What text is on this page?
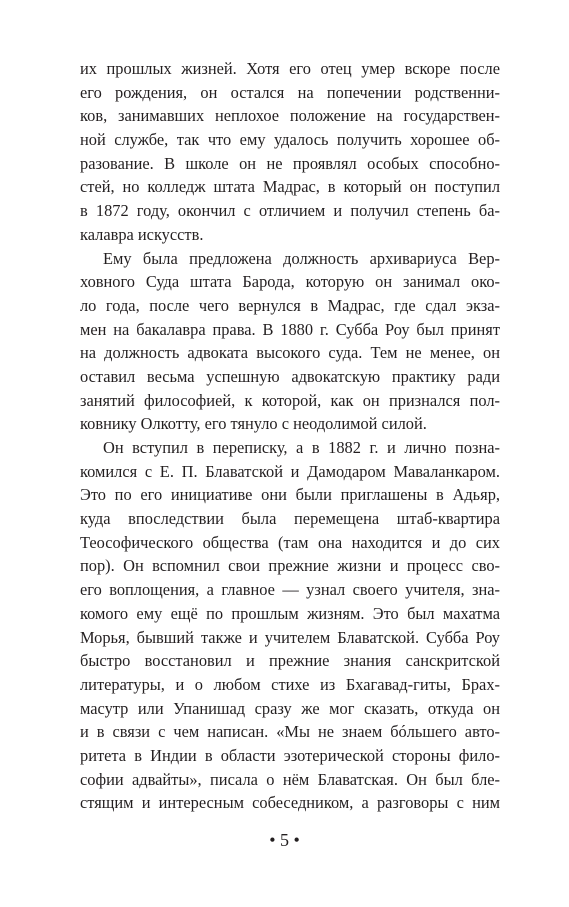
их прошлых жизней. Хотя его отец умер вскоре после
его рождения, он остался на попечении родственни-
ков, занимавших неплохое положение на государствен-
ной службе, так что ему удалось получить хорошее об-
разование. В школе он не проявлял особых способно-
стей, но колледж штата Мадрас, в который он поступил
в 1872 году, окончил с отличием и получил степень ба-
калавра искусств.
Ему была предложена должность архивариуса Вер-
ховного Суда штата Барода, которую он занимал око-
ло года, после чего вернулся в Мадрас, где сдал экза-
мен на бакалавра права. В 1880 г. Субба Роу был принят
на должность адвоката высокого суда. Тем не менее, он
оставил весьма успешную адвокатскую практику ради
занятий философией, к которой, как он признался пол-
ковнику Олкотту, его тянуло с неодолимой силой.
Он вступил в переписку, а в 1882 г. и лично позна-
комился с Е. П. Блаватской и Дамодаром Маваланкаром.
Это по его инициативе они были приглашены в Адьяр,
куда впоследствии была перемещена штаб-квартира
Теософического общества (там она находится и до сих
пор). Он вспомнил свои прежние жизни и процесс сво-
его воплощения, а главное — узнал своего учителя, зна-
комого ему ещё по прошлым жизням. Это был махатма
Морья, бывший также и учителем Блаватской. Субба Роу
быстро восстановил и прежние знания санскритской
литературы, и о любом стихе из Бхагавад-гиты, Брах-
масутр или Упанишад сразу же мог сказать, откуда он
и в связи с чем написан. «Мы не знаем бóльшего авто-
ритета в Индии в области эзотерической стороны фило-
софии адвайты», писала о нём Блаватская. Он был бле-
стящим и интересным собеседником, а разговоры с ним
• 5 •
